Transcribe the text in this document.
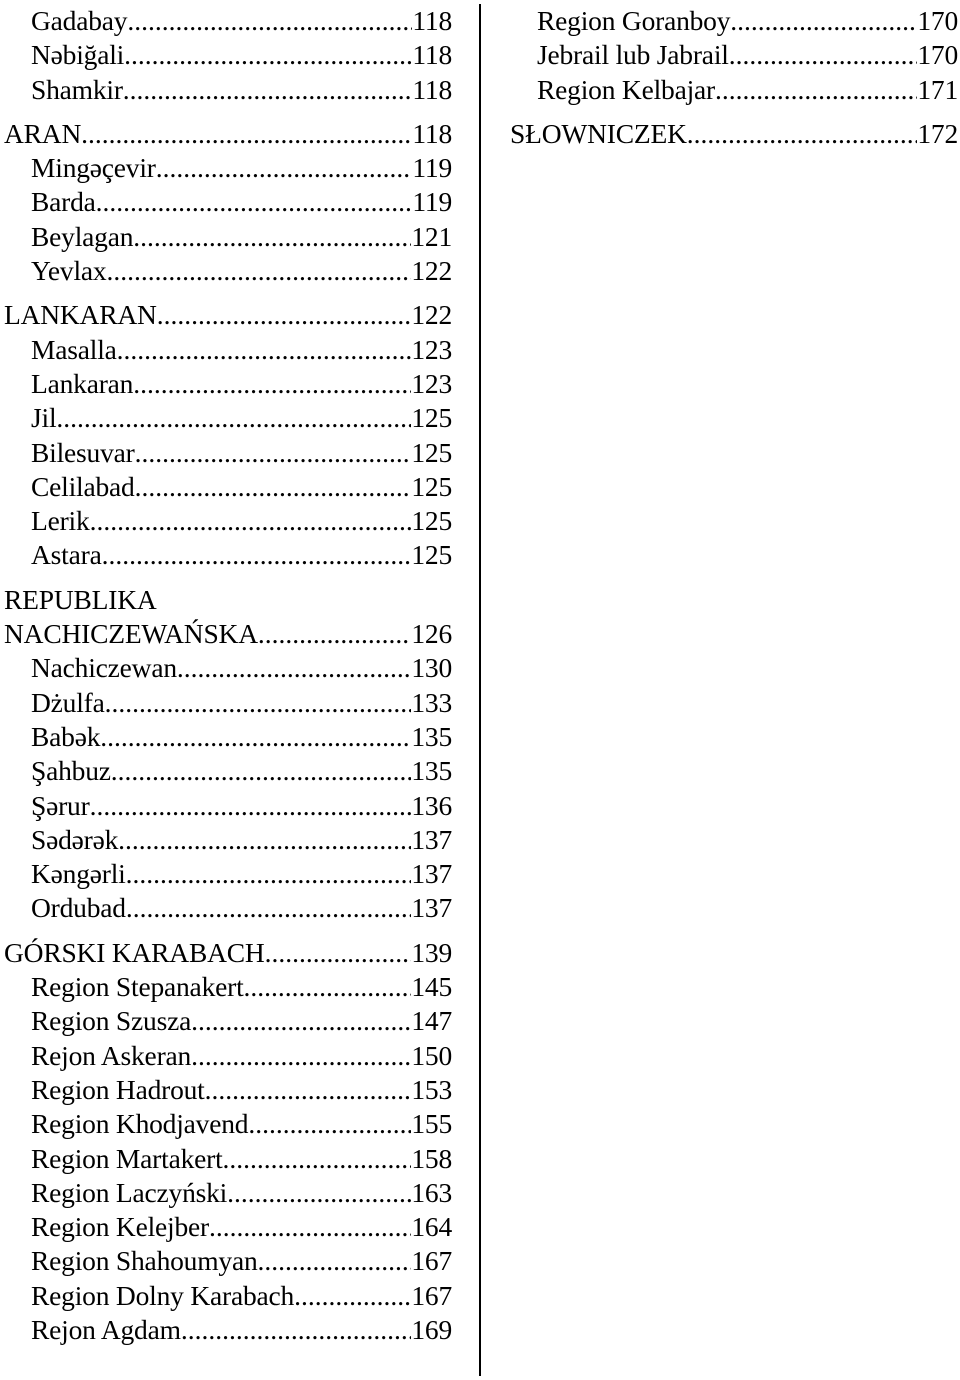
Gadabay .....	118
Nəbiğali .....	118
Shamkir .....	118
ARAN .....	118
Mingəçevir .....	119
Barda .....	119
Beylagan .....	121
Yevlax .....	122
LANKARAN .....	122
Masalla .....	123
Lankaran .....	123
Jil .....	125
Bilesuvar .....	125
Celilabad .....	125
Lerik .....	125
Astara .....	125
REPUBLIKA
NACHICZEWAŃSKA .....	126
Nachiczewan .....	130
Dżulfa .....	133
Babək .....	135
Şahbuz .....	135
Şərur .....	136
Sədərək .....	137
Kəngərli .....	137
Ordubad .....	137
GÓRSKI KARABACH .....	139
Region Stepanakert .....	145
Region Szusza .....	147
Rejon Askeran .....	150
Region Hadrout .....	153
Region Khodjavend .....	155
Region Martakert .....	158
Region Laczyński .....	163
Region Kelejber .....	164
Region Shahoumyan .....	167
Region Dolny Karabach .....	167
Rejon Agdam .....	169
Region Goranboy .....	170
Jebrail lub Jabrail .....	170
Region Kelbajar .....	171
SŁOWNICZEK .....	172
